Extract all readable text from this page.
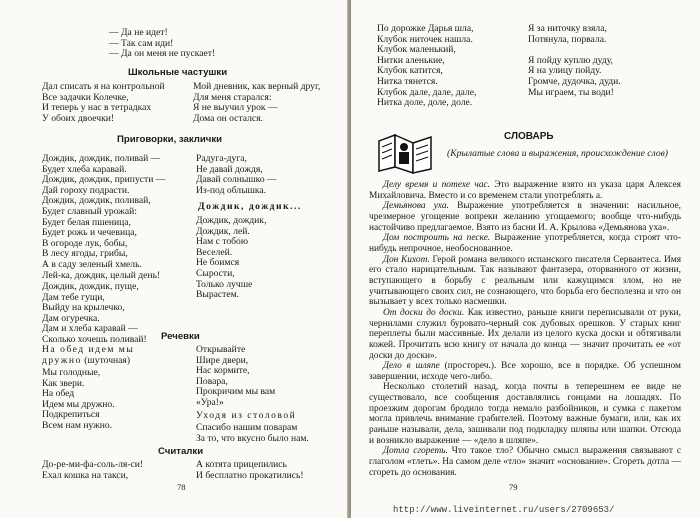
— Да не идет!
— Так сам иди!
— Да он меня не пускает!
Школьные частушки
Дал списать я на контрольной
Все задачки Колечке,
И теперь у нас в тетрадках
У обоих двоечки!
Мой дневник, как верный друг,
Для меня старался:
Я не выучил урок —
Дома он остался.
Приговорки, заклички
Дождик, дождик, поливай —
Будет хлеба каравай.
Дождик, дождик, припусти —
Дай гороху подрасти.
Дождик, дождик, поливай,
Будет славный урожай:
Будет белая пшеница,
Будет рожь и чечевица,
В огороде лук, бобы,
В лесу ягоды, грибы,
А в саду зеленый хмель.
Лей-ка, дождик, целый день!
Дождик, дождик, пуще,
Дам тебе гущи,
Выйду на крылечко,
Дам огуречка.
Дам и хлеба каравай —
Сколько хочешь поливай!
Радуга-дуга,
Не давай дождя,
Давай солнышко —
Из-под облышка.
Дождик, дождик...
Дождик, дождик,
Дождик, лей.
Нам с тобою
Веселей.
Не боимся
Сырости,
Только лучше
Вырастем.
Речевки
На обед идем мы
дружно (шуточная)
Мы голодные,
Как звери.
На обед
Идем мы дружно.
Подкрепиться
Всем нам нужно.
Открывайте
Шире двери,
Нас кормите,
Повара,
Прокричим мы вам
«Ура!»
Уходя из столовой
Спасибо нашим поварам
За то, что вкусно было нам.
Считалки
До-ре-ми-фа-соль-ля-си!
Ехал кошка на такси,
А котята прицепились
И бесплатно прокатились!
78
По дорожке Дарья шла,
Клубок ниточек нашла.
Клубок маленький,
Нитки аленькие,
Клубок катится,
Нитка тянется.
Клубок дале, дале, дале,
Нитка доле, доле, доле.
Я за ниточку взяла,
Потянула, порвала.

Я пойду куплю дуду,
Я на улицу пойду.
Громче, дудочка, дуди.
Мы играем, ты води!
СЛОВАРЬ
(Крылатые слова и выражения, происхождение слов)

Делу время и потехе час. Это выражение взято из указа царя Алексея Михайловича. Вместо и со временем стали употреблять а.

Демьянова уха. Выражение употребляется в значении: насильное, чрезмерное угощение вопреки желанию угощаемого; вообще что-нибудь настойчиво предлагаемое. Взято из басни И. А. Крылова «Демьянова уха».

Дом построить на песке. Выражение употребляется, когда строят что-нибудь непрочное, необоснованное.

Дон Кихот. Герой романа великого испанского писателя Сервантеса. Имя его стало нарицательным. Так называют фантазера, оторванного от жизни, вступающего в борьбу с реальным или кажущимся злом, но не учитывающего своих сил, не сознающего, что борьба его бесполезна и что он вызывает у всех только насмешки.

От доски до доски. Как известно, раньше книги переписывали от руки, чернилами служил буровато-черный сок дубовых орешков. У старых книг переплеты были массивные. Их делали из целого куска доски и обтягивали кожей. Прочитать всю книгу от начала до конца — значит прочитать ее «от доски до доски».

Дело в шляпе (простореч.). Все хорошо, все в порядке. Об успешном завершении, исходе чего-либо.

Несколько столетий назад, когда почты в теперешнем ее виде не существовало, все сообщения доставлялись гонцами на лошадях. По проезжим дорогам бродило тогда немало разбойников, и сумка с пакетом могла привлечь внимание грабителей. Поэтому важные бумаги, или, как их раньше называли, дела, зашивали под подкладку шляпы или шапки. Отсюда и возникло выражение — «дело в шляпе».

Дотла сгореть. Что такое тло? Обычно смысл выражения связывают с глаголом «тлеть». На самом деле «тло» значит «основание». Сгореть дотла — сгореть до основания.

79
http://www.liveinternet.ru/users/2709653/
